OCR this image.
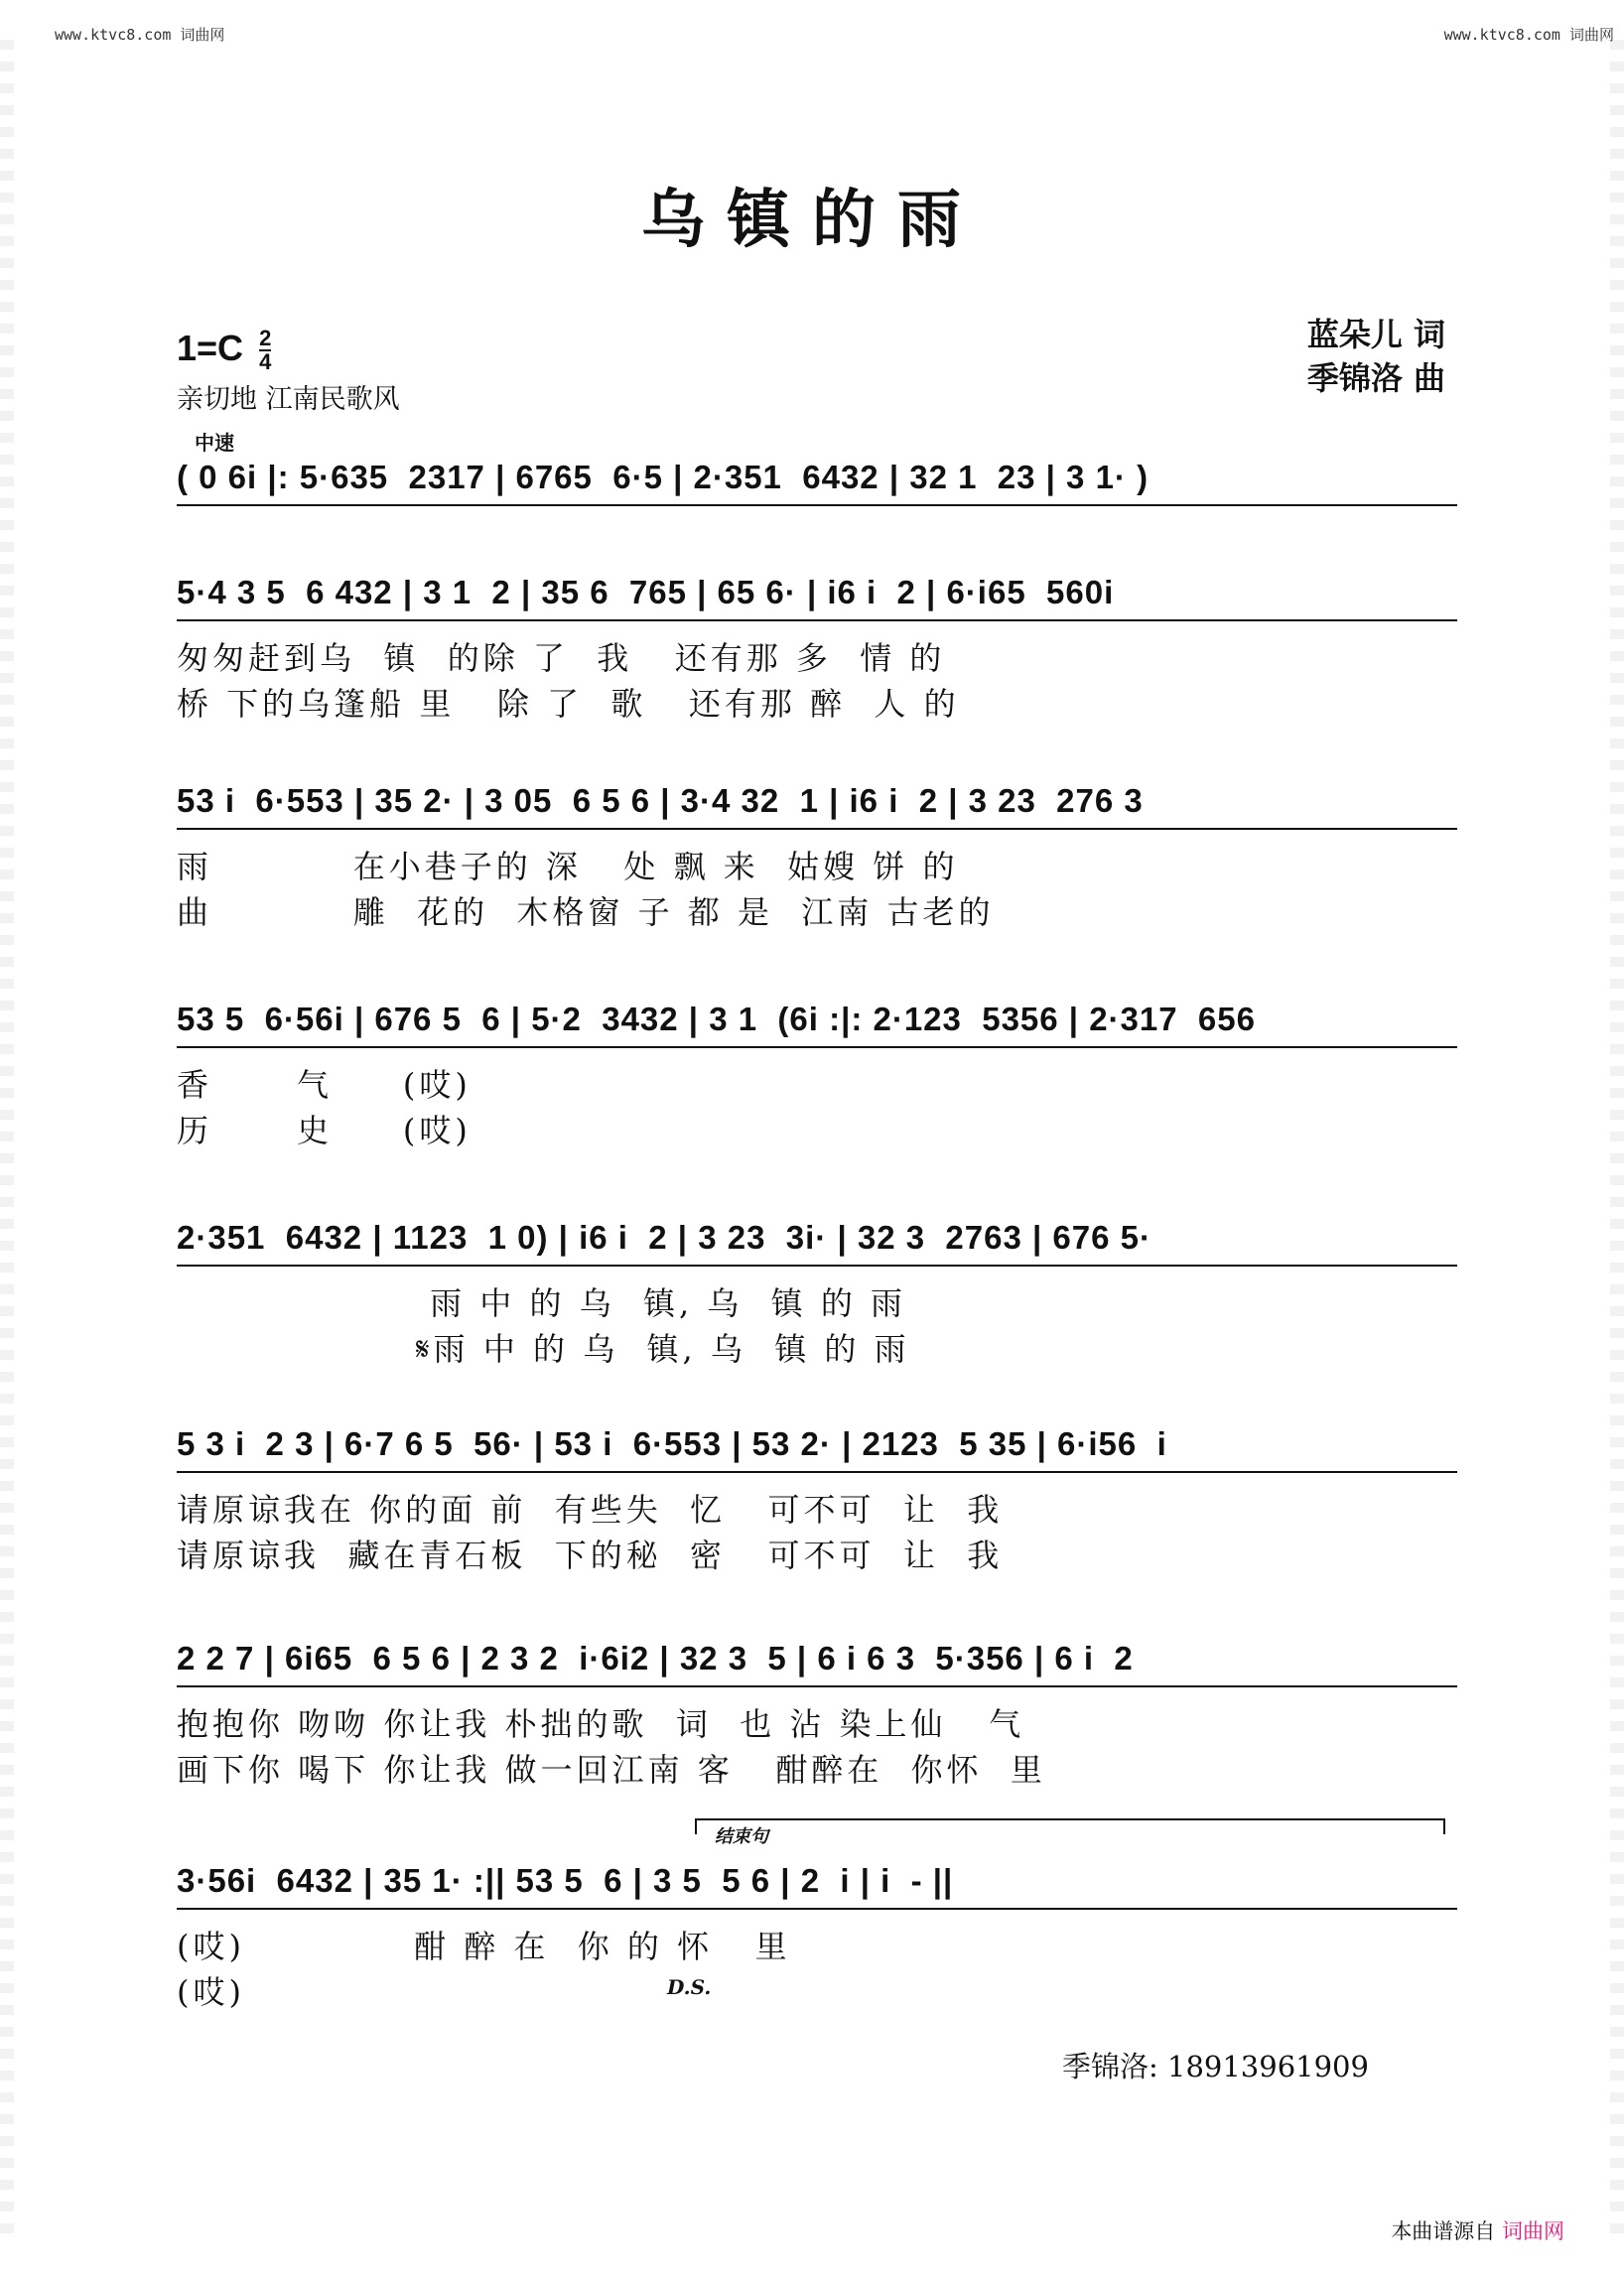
www.ktvc8.com 词曲网	www.ktvc8.com 词曲网
乌镇的雨
$1=C \frac{2}{4}$
亲切地 江南民歌风
蓝朵儿 词
季锦洛 曲
中速
( 0 6i |: 5·635  2317 | 6765  6·5 | 2·351  6432 | 32 1  23 | 3 1· )
5·4 3 5  6 432 | 3 1  2 | 35 6  765 | 65 6· | i6 i  2 | 6·i65  560i
匆匆赶到乌  镇  的除 了  我   还有那 多  情 的
桥 下的乌篷船 里   除 了  歌   还有那 醉  人 的
53 i  6·553 | 35 2· | 3 05  6 5 6 | 3·4 32  1 | i6 i  2 | 3 23  276 3
雨          在小巷子的 深   处 飘 来  姑嫂 饼 的
曲          雕  花的  木格窗 子 都 是  江南 古老的
53 5  6·56i | 676 5  6 | 5·2  3432 | 3 1  (6i :|: 2·123  5356 | 2·317  656
香      气     (哎)
历      史     (哎)
2·351  6432 | 1123  1 0) | i6 i  2 | 3 23  3i· | 32 3  2763 | 676 5·
雨 中 的 乌  镇, 乌  镇 的 雨
𝄋雨 中 的 乌  镇, 乌  镇 的 雨
5 3 i  2 3 | 6·7 6 5  56· | 53 i  6·553 | 53 2· | 2123  5 35 | 6·i56  i
请原谅我在 你的面 前  有些失  忆   可不可  让  我
请原谅我  藏在青石板  下的秘  密   可不可  让  我
2 2 7 | 6i65  6 5 6 | 2 3 2  i·6i2 | 32 3  5 | 6 i 6 3  5·356 | 6 i  2
抱抱你 吻吻 你让我 朴拙的歌  词  也 沾 染上仙   气
画下你 喝下 你让我 做一回江南 客   酣醉在  你怀  里
结束句
3·56i  6432 | 35 1· :|| 53 5  6 | 3 5  5 6 | 2  i | i  - ||
(哎)            酣 醉 在  你 的 怀   里
(哎)	D.S.
季锦洛: 18913961909
本曲谱源自 词曲网
